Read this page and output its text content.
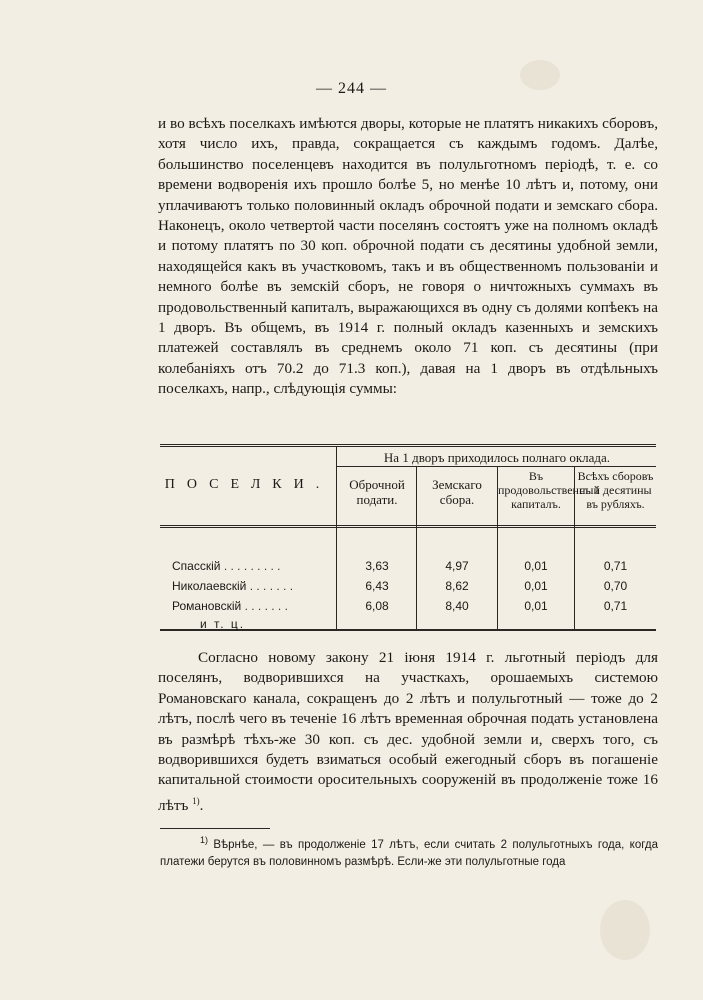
— 244 —

и во всѣхъ поселкахъ имѣются дворы, которые не платятъ никакихъ сборовъ, хотя число ихъ, правда, сокращается съ каждымъ годомъ. Далѣе, большинство поселенцевъ находится въ полульготномъ періодѣ, т. е. со времени водворенія ихъ прошло болѣе 5, но менѣе 10 лѣтъ и, потому, они уплачиваютъ только половинный окладъ оброчной подати и земскаго сбора. Наконецъ, около четвертой части поселянъ состоятъ уже на полномъ окладѣ и потому платятъ по 30 коп. оброчной подати съ десятины удобной земли, находящейся какъ въ участковомъ, такъ и въ общественномъ пользованіи и немного болѣе въ земскій сборъ, не говоря о ничтожныхъ суммахъ въ продовольственный капиталъ, выражающихся въ одну съ долями копѣекъ на 1 дворъ. Въ общемъ, въ 1914 г. полный окладъ казенныхъ и земскихъ платежей составлялъ въ среднемъ около 71 коп. съ десятины (при колебаніяхъ отъ 70.2 до 71.3 коп.), давая на 1 дворъ въ отдѣльныхъ поселкахъ, напр., слѣдующія суммы:

ПОСЕЛКИ.
На 1 дворъ приходилось полнаго оклада.
Оброчной подати.
Земскаго сбора.
Въ продовольственный капиталъ.
Всѣхъ сборовъ съ 1 десятины въ рубляхъ.
Спасскій . . . . . . . . .	3,63	4,97	0,01	0,71
Николаевскій . . . . . . .	6,43	8,62	0,01	0,70
Романовскій . . . . . . .	6,08	8,40	0,01	0,71
и т. ц.

Согласно новому закону 21 іюня 1914 г. льготный періодъ для поселянъ, водворившихся на участкахъ, орошаемыхъ системою Романовскаго канала, сокращенъ до 2 лѣтъ и полульготный — тоже до 2 лѣтъ, послѣ чего въ теченіе 16 лѣтъ временная оброчная подать установлена въ размѣрѣ тѣхъ-же 30 коп. съ дес. удобной земли и, сверхъ того, съ водворившихся будетъ взиматься особый ежегодный сборъ въ погашеніе капитальной стоимости оросительныхъ сооруженій въ продолженіе тоже 16 лѣтъ $^{1)}$.

$^{1)}$ Вѣрнѣе, — въ продолженіе 17 лѣтъ, если считать 2 полульготныхъ года, когда платежи берутся въ половинномъ размѣрѣ. Если-же эти полульготные года
